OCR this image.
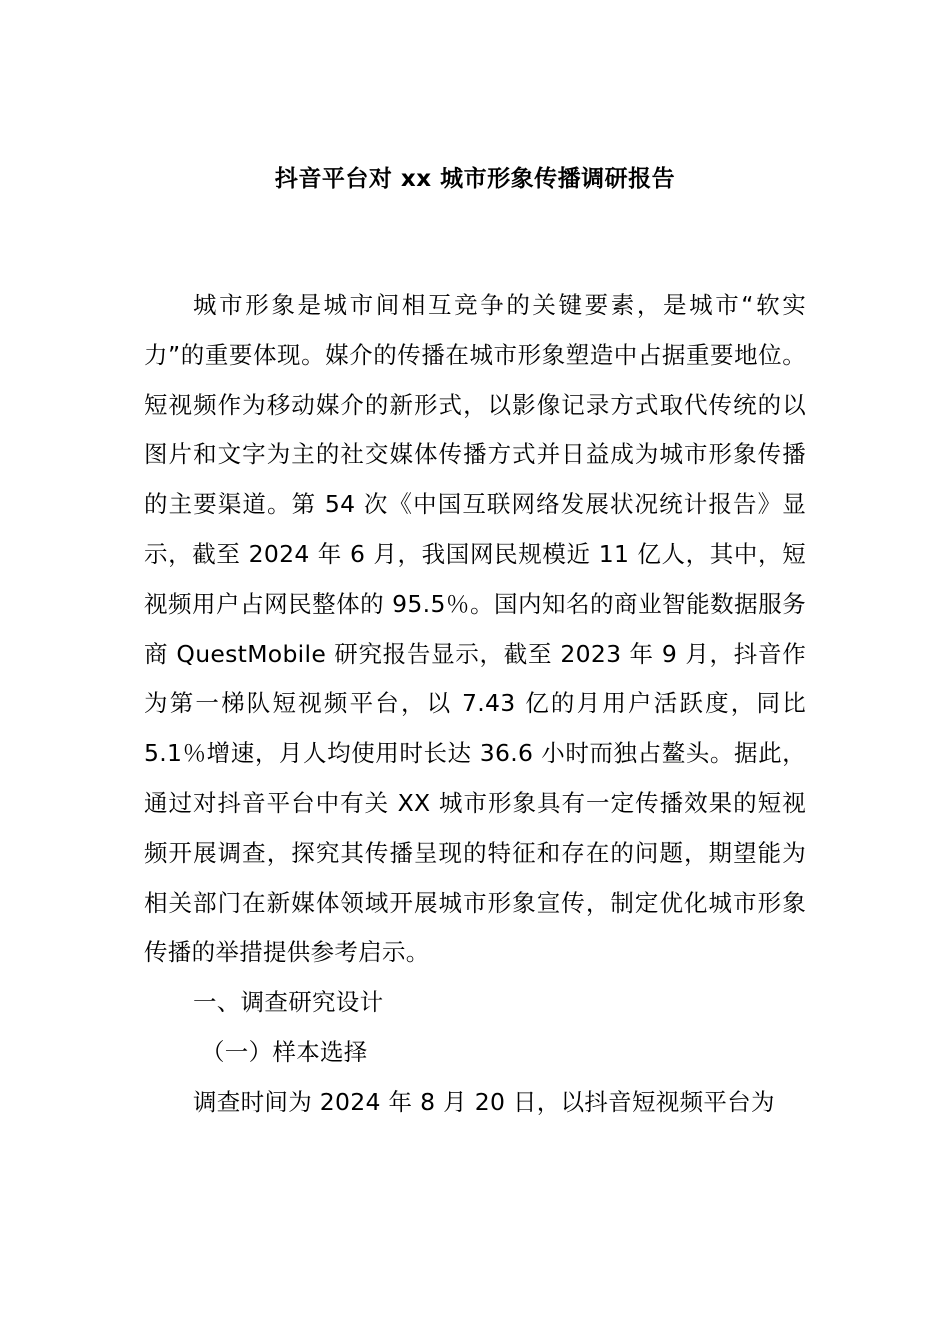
抖音平台对 xx 城市形象传播调研报告

城市形象是城市间相互竞争的关键要素，是城市“软实力”的重要体现。媒介的传播在城市形象塑造中占据重要地位。短视频作为移动媒介的新形式，以影像记录方式取代传统的以图片和文字为主的社交媒体传播方式并日益成为城市形象传播的主要渠道。第 54 次《中国互联网络发展状况统计报告》显示，截至 2024 年 6 月，我国网民规模近 11 亿人，其中，短视频用户占网民整体的 95.5％。国内知名的商业智能数据服务商 QuestMobile 研究报告显示，截至 2023 年 9 月，抖音作为第一梯队短视频平台，以 7.43 亿的月用户活跃度，同比 5.1％增速，月人均使用时长达 36.6 小时而独占鳌头。据此，通过对抖音平台中有关 XX 城市形象具有一定传播效果的短视频开展调查，探究其传播呈现的特征和存在的问题，期望能为相关部门在新媒体领域开展城市形象宣传，制定优化城市形象传播的举措提供参考启示。

一、调查研究设计

（一）样本选择

调查时间为 2024 年 8 月 20 日，以抖音短视频平台为
